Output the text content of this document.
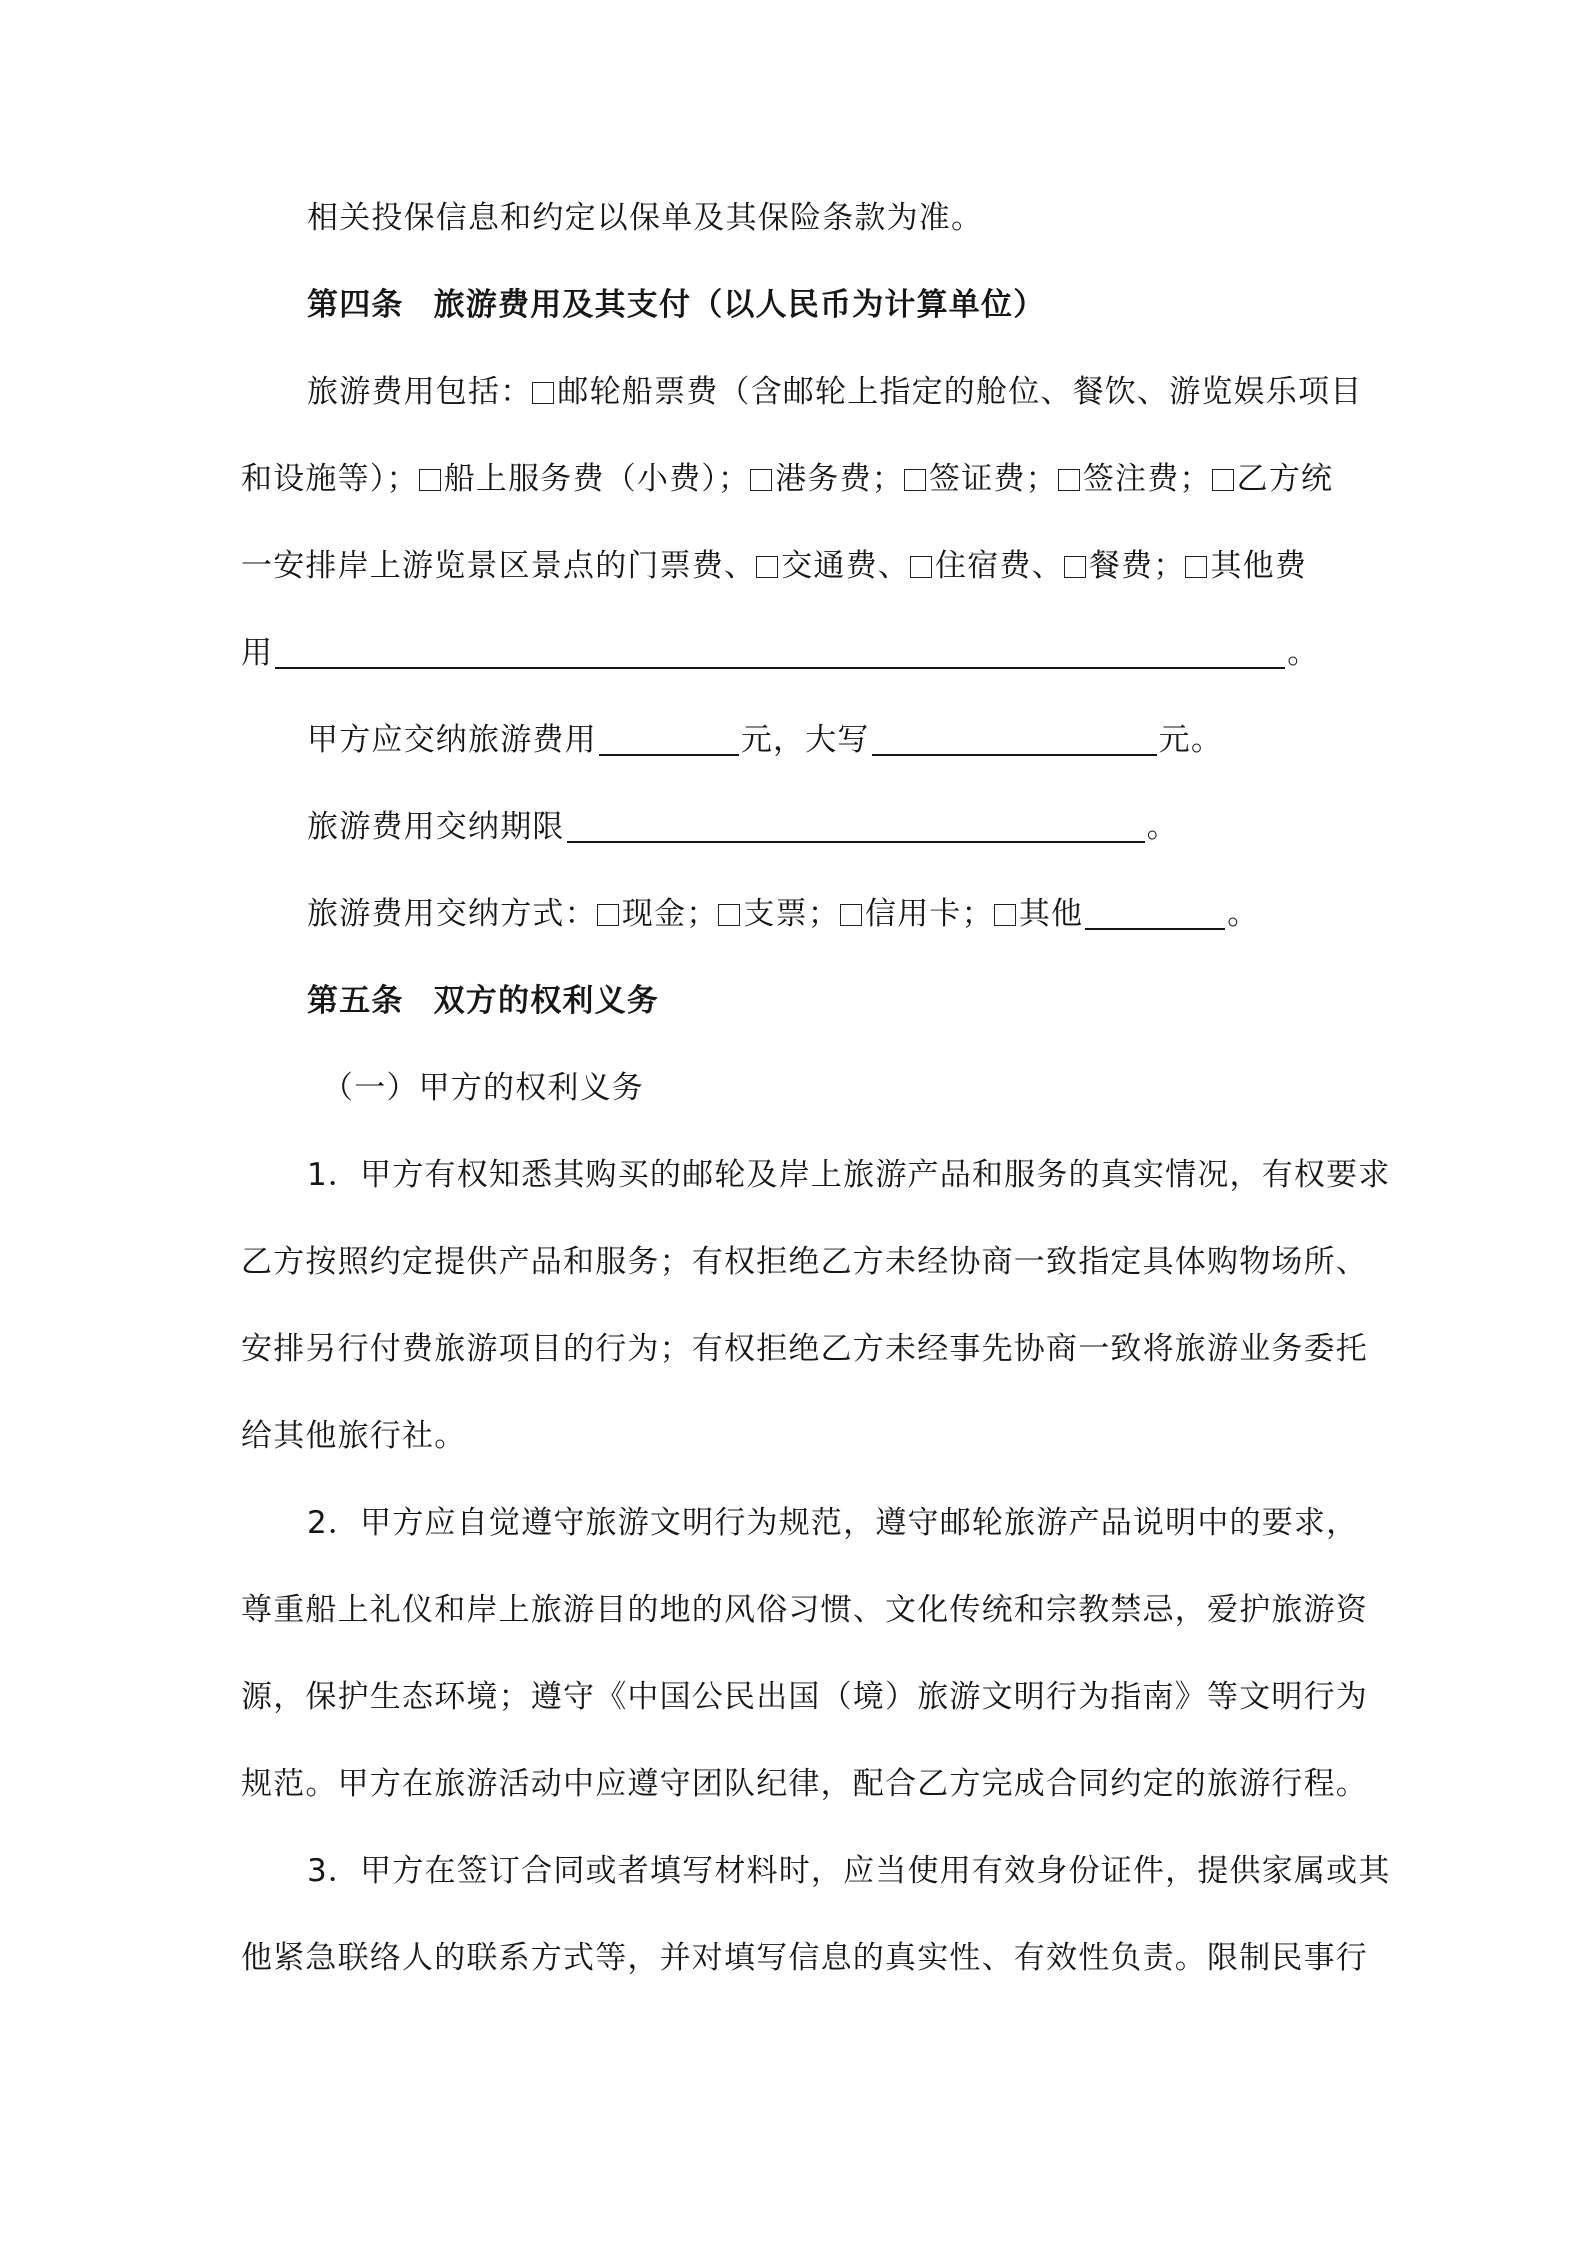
相关投保信息和约定以保单及其保险条款为准。
第四条 旅游费用及其支付（以人民币为计算单位）
旅游费用包括： 邮轮船票费（含邮轮上指定的舱位、餐饮、游览娱乐项目
和设施等）； 船上服务费（小费）； 港务费； 签证费； 签注费； 乙方统
一安排岸上游览景区景点的门票费、 交通费、 住宿费、 餐费； 其他费
用	。
甲方应交纳旅游费用	元，大写	元。
旅游费用交纳期限	。
旅游费用交纳方式： 现金； 支票； 信用卡； 其他	。
第五条 双方的权利义务
（一）甲方的权利义务
1．甲方有权知悉其购买的邮轮及岸上旅游产品和服务的真实情况，有权要求
乙方按照约定提供产品和服务；有权拒绝乙方未经协商一致指定具体购物场所、
安排另行付费旅游项目的行为；有权拒绝乙方未经事先协商一致将旅游业务委托
给其他旅行社。
2．甲方应自觉遵守旅游文明行为规范，遵守邮轮旅游产品说明中的要求，
尊重船上礼仪和岸上旅游目的地的风俗习惯、文化传统和宗教禁忌，爱护旅游资
源，保护生态环境；遵守《中国公民出国（境）旅游文明行为指南》等文明行为
规范。甲方在旅游活动中应遵守团队纪律，配合乙方完成合同约定的旅游行程。
3．甲方在签订合同或者填写材料时，应当使用有效身份证件，提供家属或其
他紧急联络人的联系方式等，并对填写信息的真实性、有效性负责。限制民事行
